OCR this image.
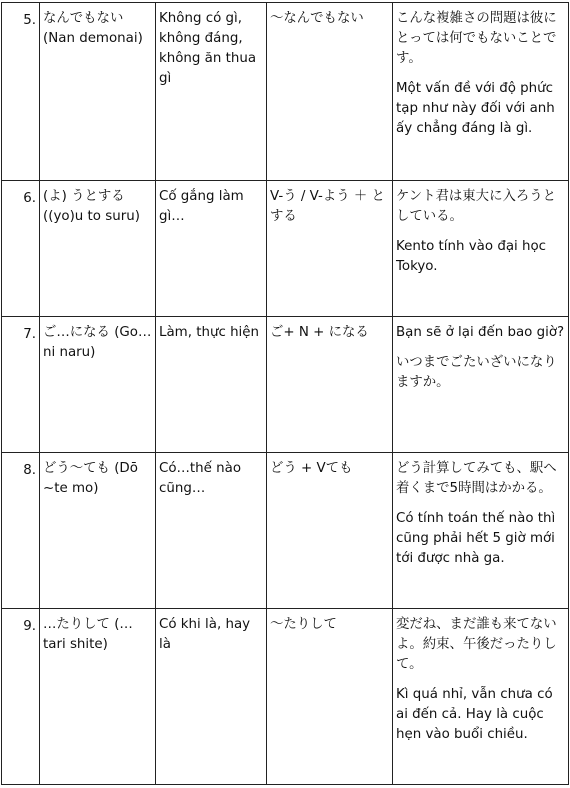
5.	なんでもない (Nan demonai)	Không có gì, không đáng, không ăn thua gì	〜なんでもない	こんな複雑さの問題は彼にとっては何でもないことです。
Một vấn đề với độ phức tạp như này đối với anh ấy chẳng đáng là gì.

6.	(よ) うとする ((yo)u to suru)	Cố gắng làm gì…	V-う / V-よう ＋ とする	ケント君は東大に入ろうとしている。
Kento tính vào đại học Tokyo.

7.	ご…になる (Go… ni naru)	Làm, thực hiện	ご+ N + になる	Bạn sẽ ở lại đến bao giờ?
いつまでごたいざいになりますか。

8.	どう〜ても (Dō ~te mo)	Có…thế nào cũng…	どう + Vても	どう計算してみても、駅へ着くまで5時間はかかる。
Có tính toán thế nào thì cũng phải hết 5 giờ mới tới được nhà ga.

9.	…たりして (…tari shite)	Có khi là, hay là	〜たりして	変だね、まだ誰も来てないよ。約束、午後だったりして。
Kì quá nhỉ, vẫn chưa có ai đến cả. Hay là cuộc hẹn vào buổi chiều.
